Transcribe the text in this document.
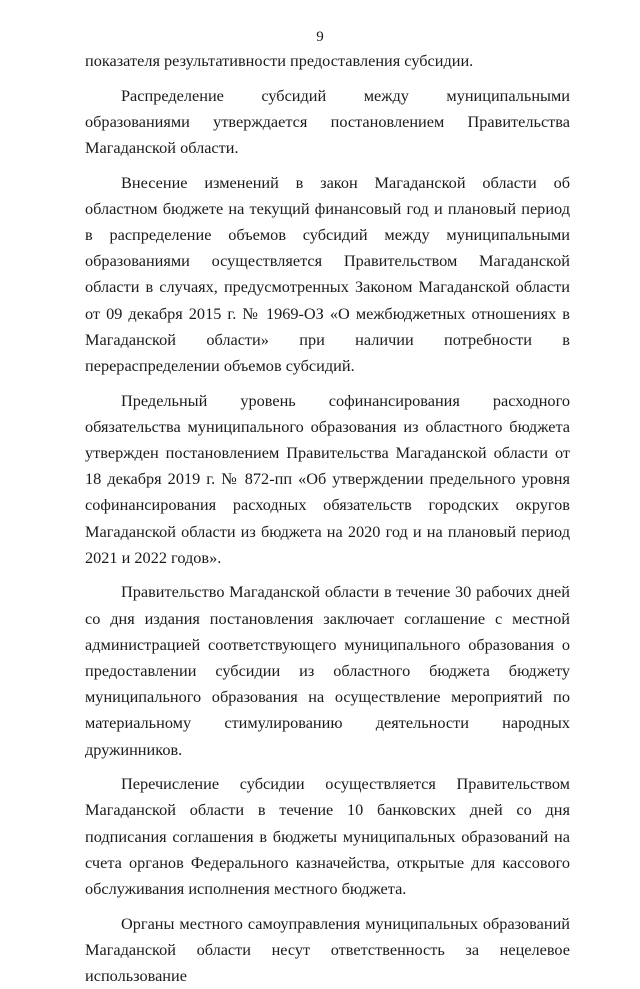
9

показателя результативности предоставления субсидии.

Распределение субсидий между муниципальными образованиями утверждается постановлением Правительства Магаданской области.

Внесение изменений в закон Магаданской области об областном бюджете на текущий финансовый год и плановый период в распределение объемов субсидий между муниципальными образованиями осуществляется Правительством Магаданской области в случаях, предусмотренных Законом Магаданской области от 09 декабря 2015 г. № 1969-ОЗ «О межбюджетных отношениях в Магаданской области» при наличии потребности в перераспределении объемов субсидий.

Предельный уровень софинансирования расходного обязательства муниципального образования из областного бюджета утвержден постановлением Правительства Магаданской области от 18 декабря 2019 г. № 872-пп «Об утверждении предельного уровня софинансирования расходных обязательств городских округов Магаданской области из бюджета на 2020 год и на плановый период 2021 и 2022 годов».

Правительство Магаданской области в течение 30 рабочих дней со дня издания постановления заключает соглашение с местной администрацией соответствующего муниципального образования о предоставлении субсидии из областного бюджета бюджету муниципального образования на осуществление мероприятий по материальному стимулированию деятельности народных дружинников.

Перечисление субсидии осуществляется Правительством Магаданской области в течение 10 банковских дней со дня подписания соглашения в бюджеты муниципальных образований на счета органов Федерального казначейства, открытые для кассового обслуживания исполнения местного бюджета.

Органы местного самоуправления муниципальных образований Магаданской области несут ответственность за нецелевое использование
